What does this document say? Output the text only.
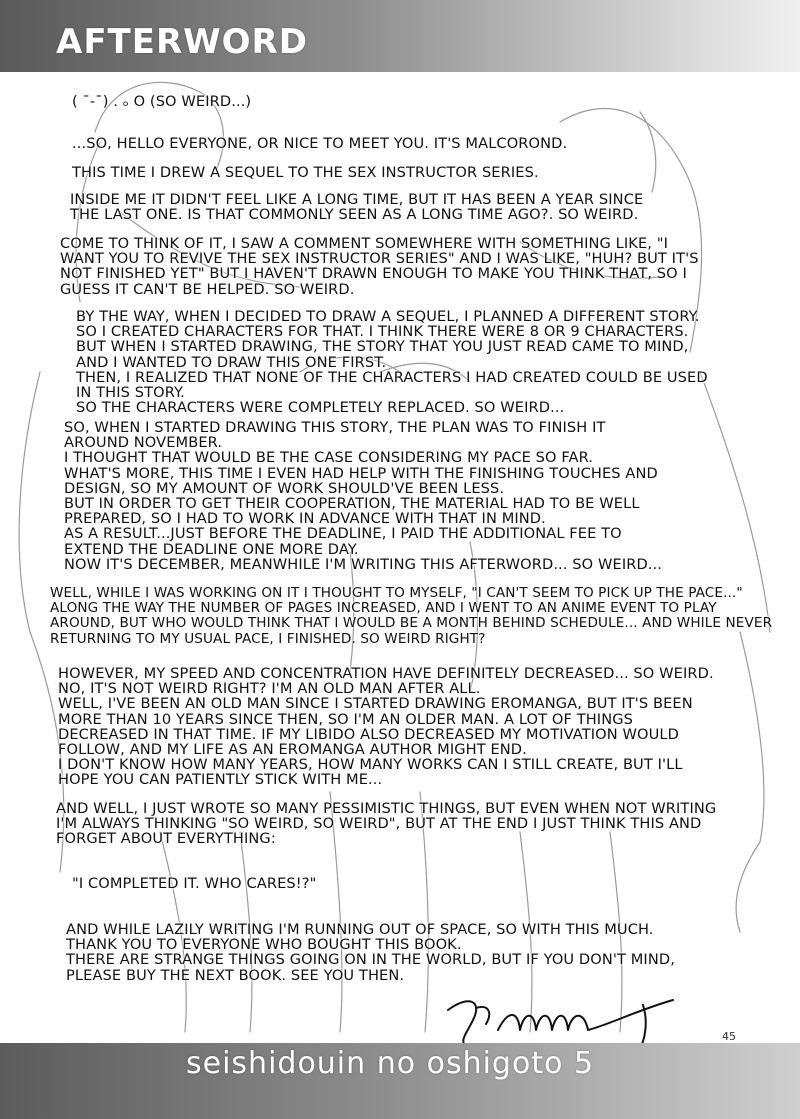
AFTERWORD
( ¯-¯) . ₒ O (SO WEIRD...)
...SO, HELLO EVERYONE, OR NICE TO MEET YOU. IT'S MALCOROND.
THIS TIME I DREW A SEQUEL TO THE SEX INSTRUCTOR SERIES.
INSIDE ME IT DIDN'T FEEL LIKE A LONG TIME, BUT IT HAS BEEN A YEAR SINCE
THE LAST ONE. IS THAT COMMONLY SEEN AS A LONG TIME AGO?. SO WEIRD.
COME TO THINK OF IT, I SAW A COMMENT SOMEWHERE WITH SOMETHING LIKE, "I
WANT YOU TO REVIVE THE SEX INSTRUCTOR SERIES" AND I WAS LIKE, "HUH? BUT IT'S
NOT FINISHED YET" BUT I HAVEN'T DRAWN ENOUGH TO MAKE YOU THINK THAT, SO I
GUESS IT CAN'T BE HELPED. SO WEIRD.
BY THE WAY, WHEN I DECIDED TO DRAW A SEQUEL, I PLANNED A DIFFERENT STORY.
SO I CREATED CHARACTERS FOR THAT. I THINK THERE WERE 8 OR 9 CHARACTERS.
BUT WHEN I STARTED DRAWING, THE STORY THAT YOU JUST READ CAME TO MIND,
AND I WANTED TO DRAW THIS ONE FIRST.
THEN, I REALIZED THAT NONE OF THE CHARACTERS I HAD CREATED COULD BE USED
IN THIS STORY.
SO THE CHARACTERS WERE COMPLETELY REPLACED. SO WEIRD...
SO, WHEN I STARTED DRAWING THIS STORY, THE PLAN WAS TO FINISH IT
AROUND NOVEMBER.
I THOUGHT THAT WOULD BE THE CASE CONSIDERING MY PACE SO FAR.
WHAT'S MORE, THIS TIME I EVEN HAD HELP WITH THE FINISHING TOUCHES AND
DESIGN, SO MY AMOUNT OF WORK SHOULD'VE BEEN LESS.
BUT IN ORDER TO GET THEIR COOPERATION, THE MATERIAL HAD TO BE WELL
PREPARED, SO I HAD TO WORK IN ADVANCE WITH THAT IN MIND.
AS A RESULT...JUST BEFORE THE DEADLINE, I PAID THE ADDITIONAL FEE TO
EXTEND THE DEADLINE ONE MORE DAY.
NOW IT'S DECEMBER, MEANWHILE I'M WRITING THIS AFTERWORD... SO WEIRD...
WELL, WHILE I WAS WORKING ON IT I THOUGHT TO MYSELF, "I CAN'T SEEM TO PICK UP THE PACE..."
ALONG THE WAY THE NUMBER OF PAGES INCREASED, AND I WENT TO AN ANIME EVENT TO PLAY
AROUND, BUT WHO WOULD THINK THAT I WOULD BE A MONTH BEHIND SCHEDULE... AND WHILE NEVER
RETURNING TO MY USUAL PACE, I FINISHED. SO WEIRD RIGHT?
HOWEVER, MY SPEED AND CONCENTRATION HAVE DEFINITELY DECREASED... SO WEIRD.
NO, IT'S NOT WEIRD RIGHT? I'M AN OLD MAN AFTER ALL.
WELL, I'VE BEEN AN OLD MAN SINCE I STARTED DRAWING EROMANGA, BUT IT'S BEEN
MORE THAN 10 YEARS SINCE THEN, SO I'M AN OLDER MAN. A LOT OF THINGS
DECREASED IN THAT TIME. IF MY LIBIDO ALSO DECREASED MY MOTIVATION WOULD
FOLLOW, AND MY LIFE AS AN EROMANGA AUTHOR MIGHT END.
I DON'T KNOW HOW MANY YEARS, HOW MANY WORKS CAN I STILL CREATE, BUT I'LL
HOPE YOU CAN PATIENTLY STICK WITH ME...
AND WELL, I JUST WROTE SO MANY PESSIMISTIC THINGS, BUT EVEN WHEN NOT WRITING
I'M ALWAYS THINKING "SO WEIRD, SO WEIRD", BUT AT THE END I JUST THINK THIS AND
FORGET ABOUT EVERYTHING:
"I COMPLETED IT. WHO CARES!?"
AND WHILE LAZILY WRITING I'M RUNNING OUT OF SPACE, SO WITH THIS MUCH.
THANK YOU TO EVERYONE WHO BOUGHT THIS BOOK.
THERE ARE STRANGE THINGS GOING ON IN THE WORLD, BUT IF YOU DON'T MIND,
PLEASE BUY THE NEXT BOOK. SEE YOU THEN.
45
seishidouin no oshigoto 5
